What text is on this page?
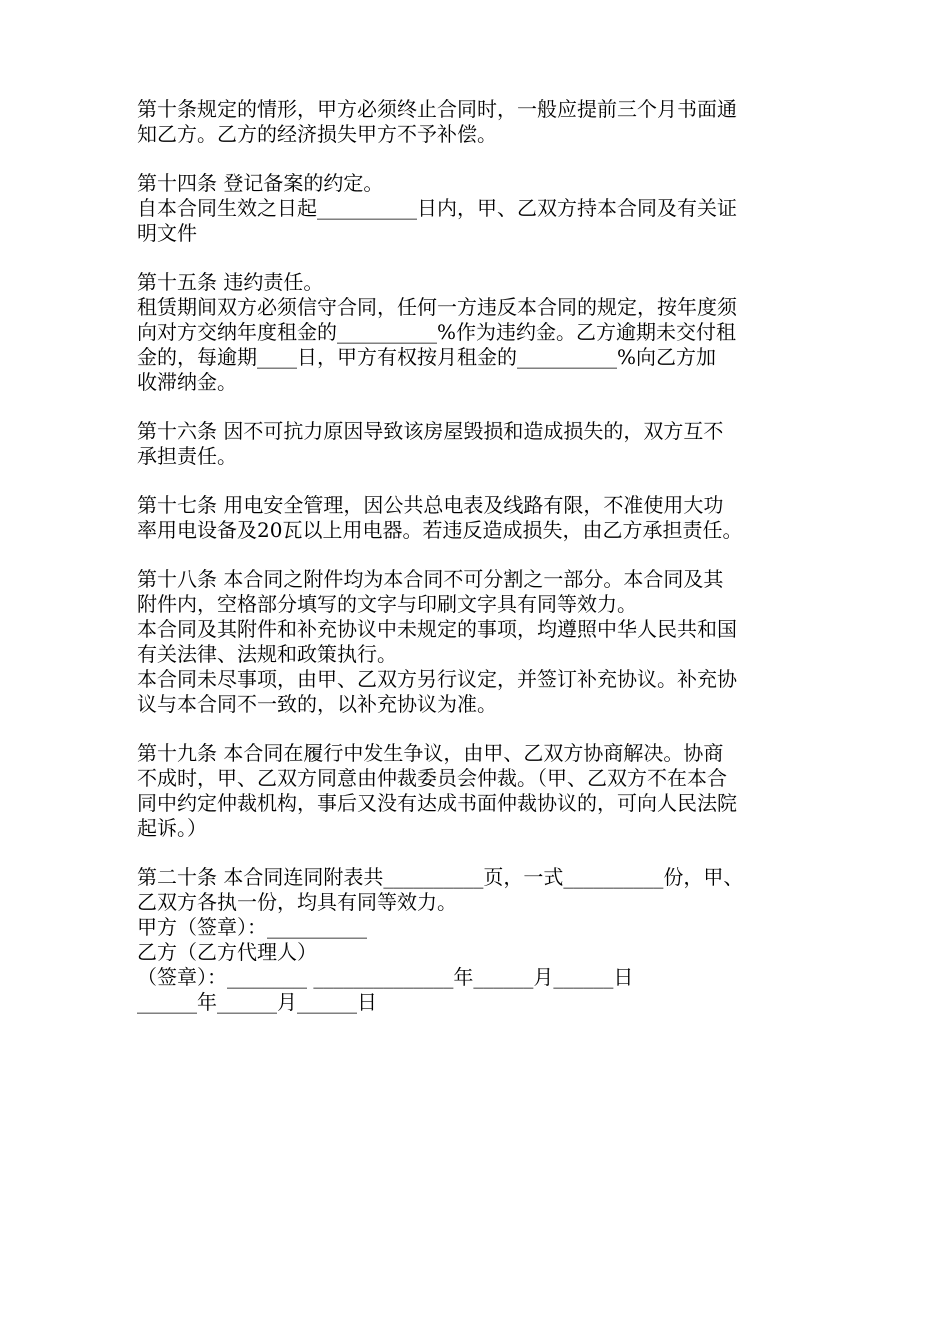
第十条规定的情形，甲方必须终止合同时，一般应提前三个月书面通
知乙方。乙方的经济损失甲方不予补偿。
第十四条 登记备案的约定。
自本合同生效之日起__________日内，甲、乙双方持本合同及有关证
明文件
第十五条 违约责任。
租赁期间双方必须信守合同，任何一方违反本合同的规定，按年度须
向对方交纳年度租金的__________%作为违约金。乙方逾期未交付租
金的，每逾期____日，甲方有权按月租金的__________%向乙方加
收滞纳金。
第十六条 因不可抗力原因导致该房屋毁损和造成损失的，双方互不
承担责任。
第十七条 用电安全管理，因公共总电表及线路有限，不准使用大功
率用电设备及20瓦以上用电器。若违反造成损失，由乙方承担责任。
第十八条 本合同之附件均为本合同不可分割之一部分。本合同及其
附件内，空格部分填写的文字与印刷文字具有同等效力。
本合同及其附件和补充协议中未规定的事项，均遵照中华人民共和国
有关法律、法规和政策执行。
本合同未尽事项，由甲、乙双方另行议定，并签订补充协议。补充协
议与本合同不一致的，以补充协议为准。
第十九条 本合同在履行中发生争议，由甲、乙双方协商解决。协商
不成时，甲、乙双方同意由仲裁委员会仲裁。（甲、乙双方不在本合
同中约定仲裁机构，事后又没有达成书面仲裁协议的，可向人民法院
起诉。）
第二十条 本合同连同附表共__________页，一式__________份，甲、
乙双方各执一份，均具有同等效力。
甲方（签章）：__________
乙方（乙方代理人）
（签章）：________ ______________年______月______日
______年______月______日
